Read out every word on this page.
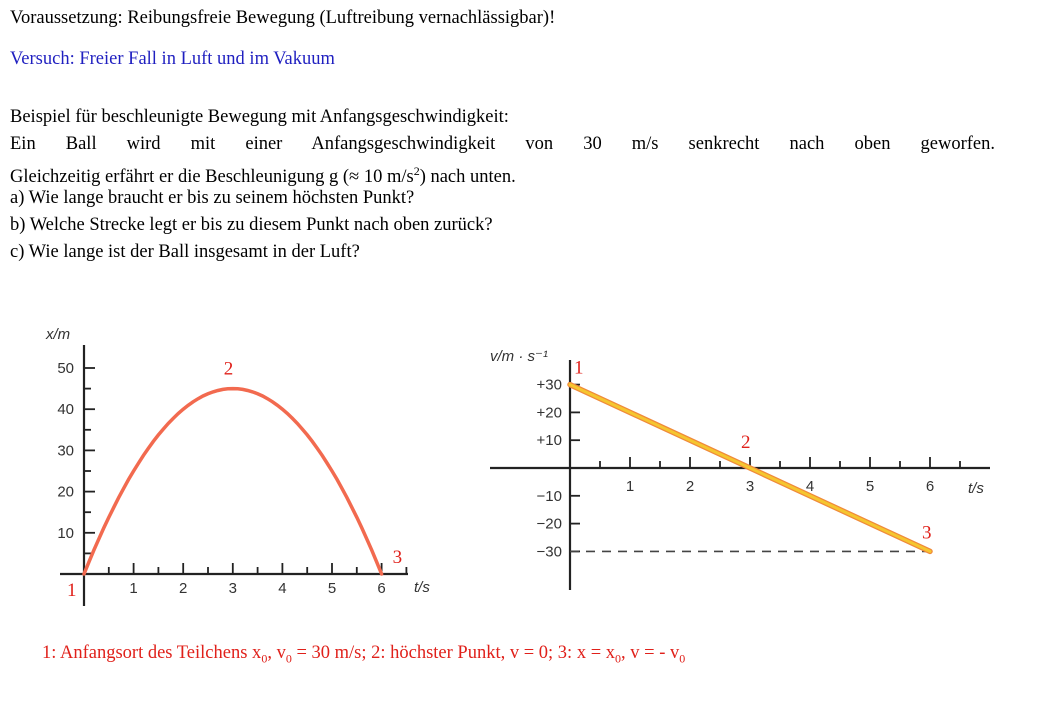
Voraussetzung: Reibungsfreie Bewegung (Luftreibung vernachlässigbar)!
Versuch: Freier Fall in Luft und im Vakuum
Beispiel für beschleunigte Bewegung mit Anfangsgeschwindigkeit:
Ein Ball wird mit einer Anfangsgeschwindigkeit von 30 m/s senkrecht nach oben geworfen.
Gleichzeitig erfährt er die Beschleunigung g (≈ 10 $m/s^2$) nach unten.
a) Wie lange braucht er bis zu seinem höchsten Punkt?
b) Welche Strecke legt er bis zu diesem Punkt nach oben zurück?
c) Wie lange ist der Ball insgesamt in der Luft?
x/m
t/s
10
20
30
40
50
1	2	3	4	5	6
1
2
3
v/m · s⁻¹
t/s
−30
−20
−10
+10
+20
+30
1	2	3	4	5	6
1
2
3
1: Anfangsort des Teilchens $x_0$, $v_0 = 30$ m/s; 2: höchster Punkt, v = 0; 3: $x = x_0$, v = - $v_0$
